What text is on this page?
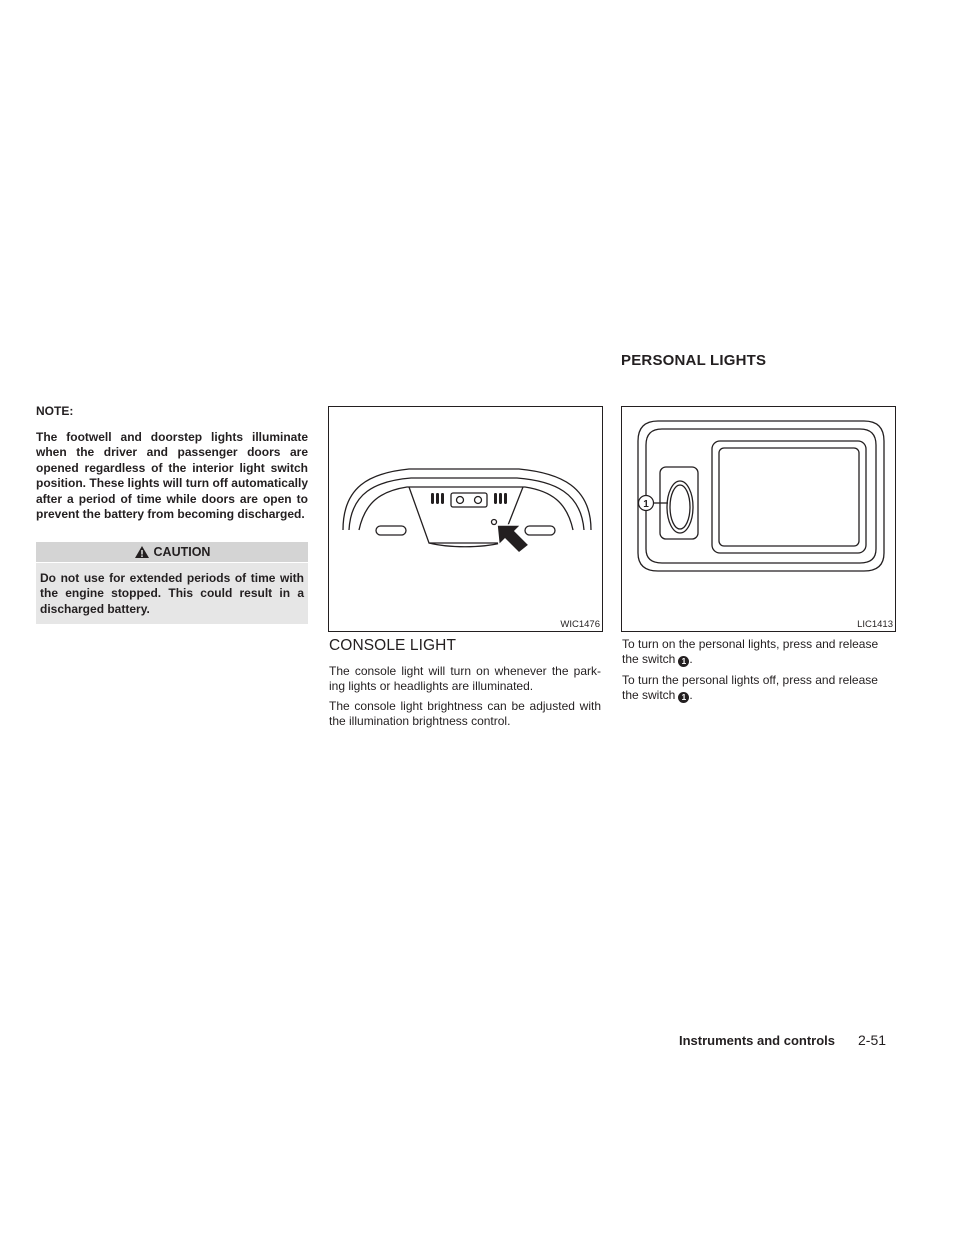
PERSONAL LIGHTS
NOTE:
The footwell and doorstep lights illuminate when the driver and passenger doors are opened regardless of the interior light switch position. These lights will turn off automatically after a period of time while doors are open to prevent the battery from becoming discharged.
CAUTION
Do not use for extended periods of time with the engine stopped. This could result in a discharged battery.
WIC1476
1
LIC1413
CONSOLE LIGHT
The console light will turn on whenever the park- ing lights or headlights are illuminated.
The console light brightness can be adjusted with the illumination brightness control.
To turn on the personal lights, press and release the switch 1 .
To turn the personal lights off, press and release the switch 1 .
Instruments and controls 2-51
